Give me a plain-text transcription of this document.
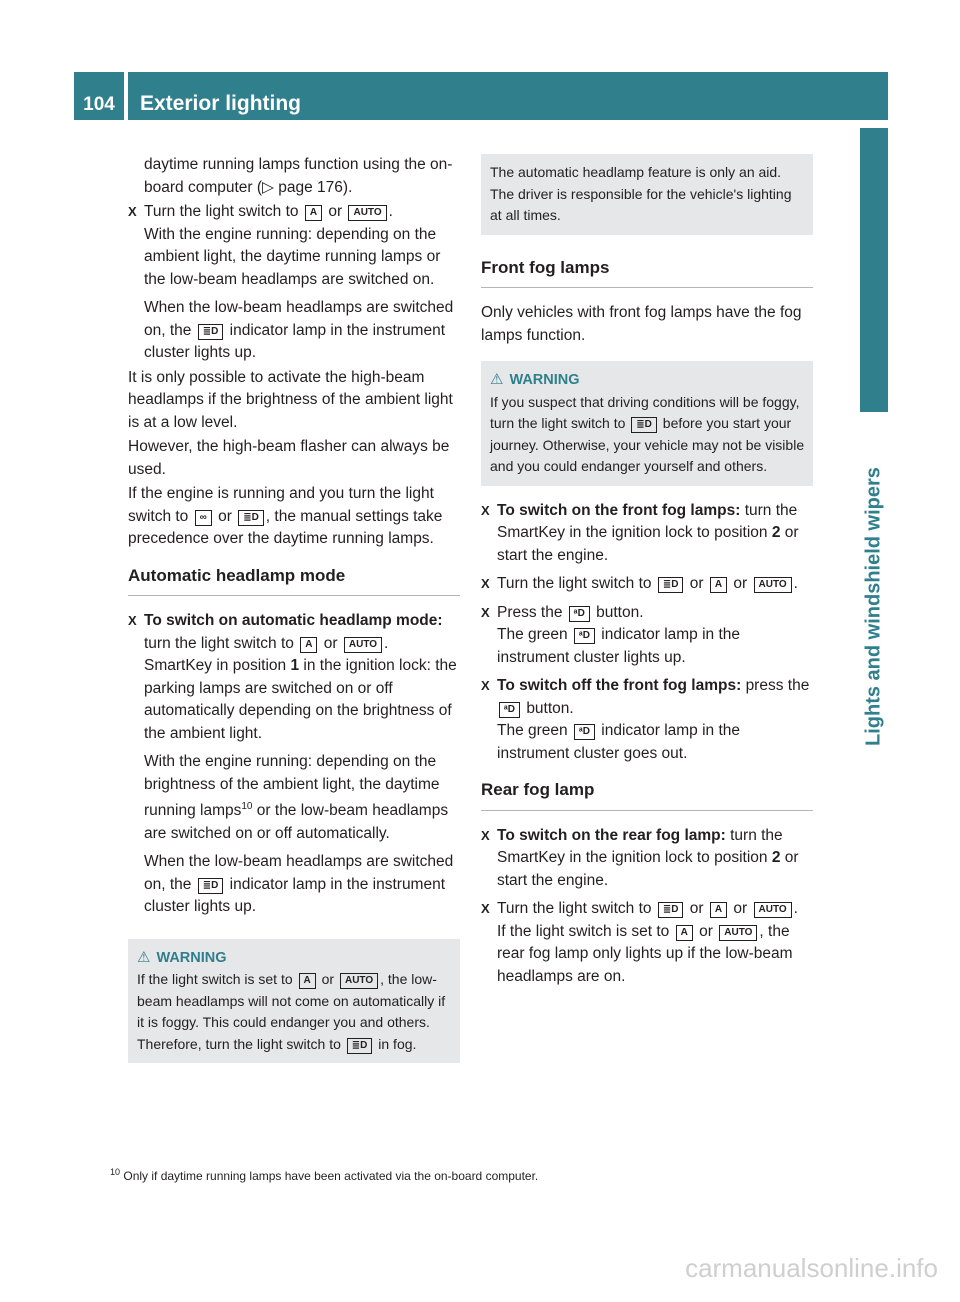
104	Exterior lighting
Lights and windshield wipers

daytime running lamps function using the on-board computer (▷ page 176).

X Turn the light switch to A or AUTO .

With the engine running: depending on the ambient light, the daytime running lamps or the low-beam headlamps are switched on.

When the low-beam headlamps are switched on, the ≣D indicator lamp in the instrument cluster lights up.

It is only possible to activate the high-beam headlamps if the brightness of the ambient light is at a low level.

However, the high-beam flasher can always be used.

If the engine is running and you turn the light switch to ∞ or ≣D , the manual settings take precedence over the daytime running lamps.

Automatic headlamp mode
X To switch on automatic headlamp mode: turn the light switch to A or AUTO .

SmartKey in position 1 in the ignition lock: the parking lamps are switched on or off automatically depending on the brightness of the ambient light.

With the engine running: depending on the brightness of the ambient light, the daytime running lamps$^{10}$ or the low-beam headlamps are switched on or off automatically.

When the low-beam headlamps are switched on, the ≣D indicator lamp in the instrument cluster lights up.

⚠ WARNING
If the light switch is set to A or AUTO , the low-beam headlamps will not come on automatically if it is foggy. This could endanger you and others. Therefore, turn the light switch to ≣D in fog.
The automatic headlamp feature is only an aid. The driver is responsible for the vehicle's lighting at all times.
Front fog lamps

Only vehicles with front fog lamps have the fog lamps function.

⚠ WARNING
If you suspect that driving conditions will be foggy, turn the light switch to ≣D before you start your journey. Otherwise, your vehicle may not be visible and you could endanger yourself and others.
X To switch on the front fog lamps: turn the SmartKey in the ignition lock to position 2 or start the engine.
X Turn the light switch to ≣D or A or AUTO .
X Press the ᵃD button.

The green ᵃD indicator lamp in the instrument cluster lights up.

X To switch off the front fog lamps: press the ᵃD button.

The green ᵃD indicator lamp in the instrument cluster goes out.

Rear fog lamp
X To switch on the rear fog lamp: turn the SmartKey in the ignition lock to position 2 or start the engine.
X Turn the light switch to ≣D or A or AUTO .

If the light switch is set to A or AUTO , the rear fog lamp only lights up if the low-beam headlamps are on.

$^{10}$ Only if daytime running lamps have been activated via the on-board computer.
carmanualsonline.info
